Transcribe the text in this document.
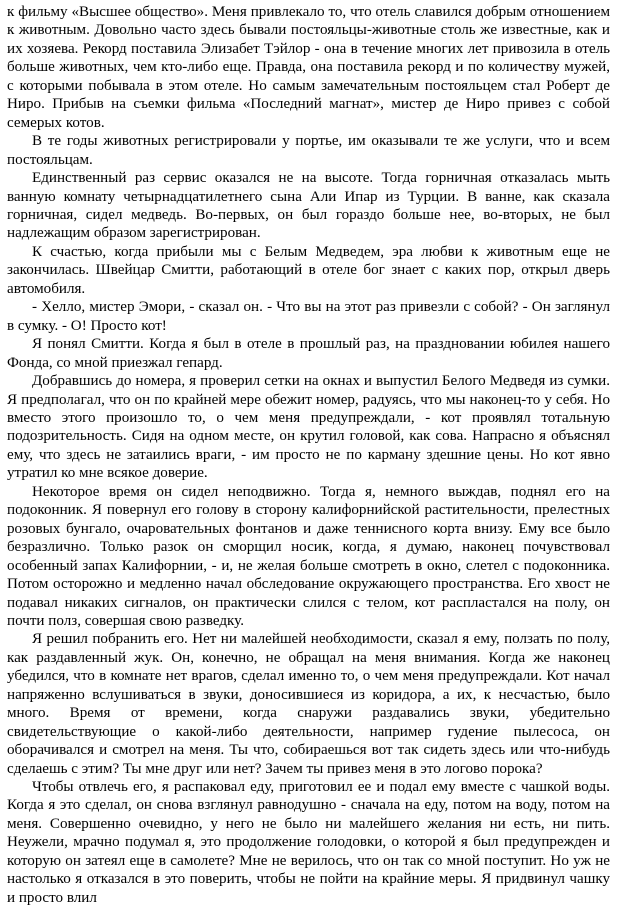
к фильму «Высшее общество». Меня привлекало то, что отель славился добрым отношением к животным. Довольно часто здесь бывали постояльцы-животные столь же известные, как и их хозяева. Рекорд поставила Элизабет Тэйлор - она в течение многих лет привозила в отель больше животных, чем кто-либо еще. Правда, она поставила рекорд и по количеству мужей, с которыми побывала в этом отеле. Но самым замечательным постояльцем стал Роберт де Ниро. Прибыв на съемки фильма «Последний магнат», мистер де Ниро привез с собой семерых котов.

В те годы животных регистрировали у портье, им оказывали те же услуги, что и всем постояльцам.

Единственный раз сервис оказался не на высоте. Тогда горничная отказалась мыть ванную комнату четырнадцатилетнего сына Али Ипар из Турции. В ванне, как сказала горничная, сидел медведь. Во-первых, он был гораздо больше нее, во-вторых, не был надлежащим образом зарегистрирован.

К счастью, когда прибыли мы с Белым Медведем, эра любви к животным еще не закончилась. Швейцар Смитти, работающий в отеле бог знает с каких пор, открыл дверь автомобиля.

- Хелло, мистер Эмори, - сказал он. - Что вы на этот раз привезли с собой? - Он заглянул в сумку. - О! Просто кот!

Я понял Смитти. Когда я был в отеле в прошлый раз, на праздновании юбилея нашего Фонда, со мной приезжал гепард.

Добравшись до номера, я проверил сетки на окнах и выпустил Белого Медведя из сумки. Я предполагал, что он по крайней мере обежит номер, радуясь, что мы наконец-то у себя. Но вместо этого произошло то, о чем меня предупреждали, - кот проявлял тотальную подозрительность. Сидя на одном месте, он крутил головой, как сова. Напрасно я объяснял ему, что здесь не затаились враги, - им просто не по карману здешние цены. Но кот явно утратил ко мне всякое доверие.

Некоторое время он сидел неподвижно. Тогда я, немного выждав, поднял его на подоконник. Я повернул его голову в сторону калифорнийской растительности, прелестных розовых бунгало, очаровательных фонтанов и даже теннисного корта внизу. Ему все было безразлично. Только разок он сморщил носик, когда, я думаю, наконец почувствовал особенный запах Калифорнии, - и, не желая больше смотреть в окно, слетел с подоконника. Потом осторожно и медленно начал обследование окружающего пространства. Его хвост не подавал никаких сигналов, он практически слился с телом, кот распластался на полу, он почти полз, совершая свою разведку.

Я решил побранить его. Нет ни малейшей необходимости, сказал я ему, ползать по полу, как раздавленный жук. Он, конечно, не обращал на меня внимания. Когда же наконец убедился, что в комнате нет врагов, сделал именно то, о чем меня предупреждали. Кот начал напряженно вслушиваться в звуки, доносившиеся из коридора, а их, к несчастью, было много. Время от времени, когда снаружи раздавались звуки, убедительно свидетельствующие о какой-либо деятельности, например гудение пылесоса, он оборачивался и смотрел на меня. Ты что, собираешься вот так сидеть здесь или что-нибудь сделаешь с этим? Ты мне друг или нет? Зачем ты привез меня в это логово порока?

Чтобы отвлечь его, я распаковал еду, приготовил ее и подал ему вместе с чашкой воды. Когда я это сделал, он снова взглянул равнодушно - сначала на еду, потом на воду, потом на меня. Совершенно очевидно, у него не было ни малейшего желания ни есть, ни пить. Неужели, мрачно подумал я, это продолжение голодовки, о которой я был предупрежден и которую он затеял еще в самолете? Мне не верилось, что он так со мной поступит. Но уж не настолько я отказался в это поверить, чтобы не пойти на крайние меры. Я придвинул чашку и просто влил
